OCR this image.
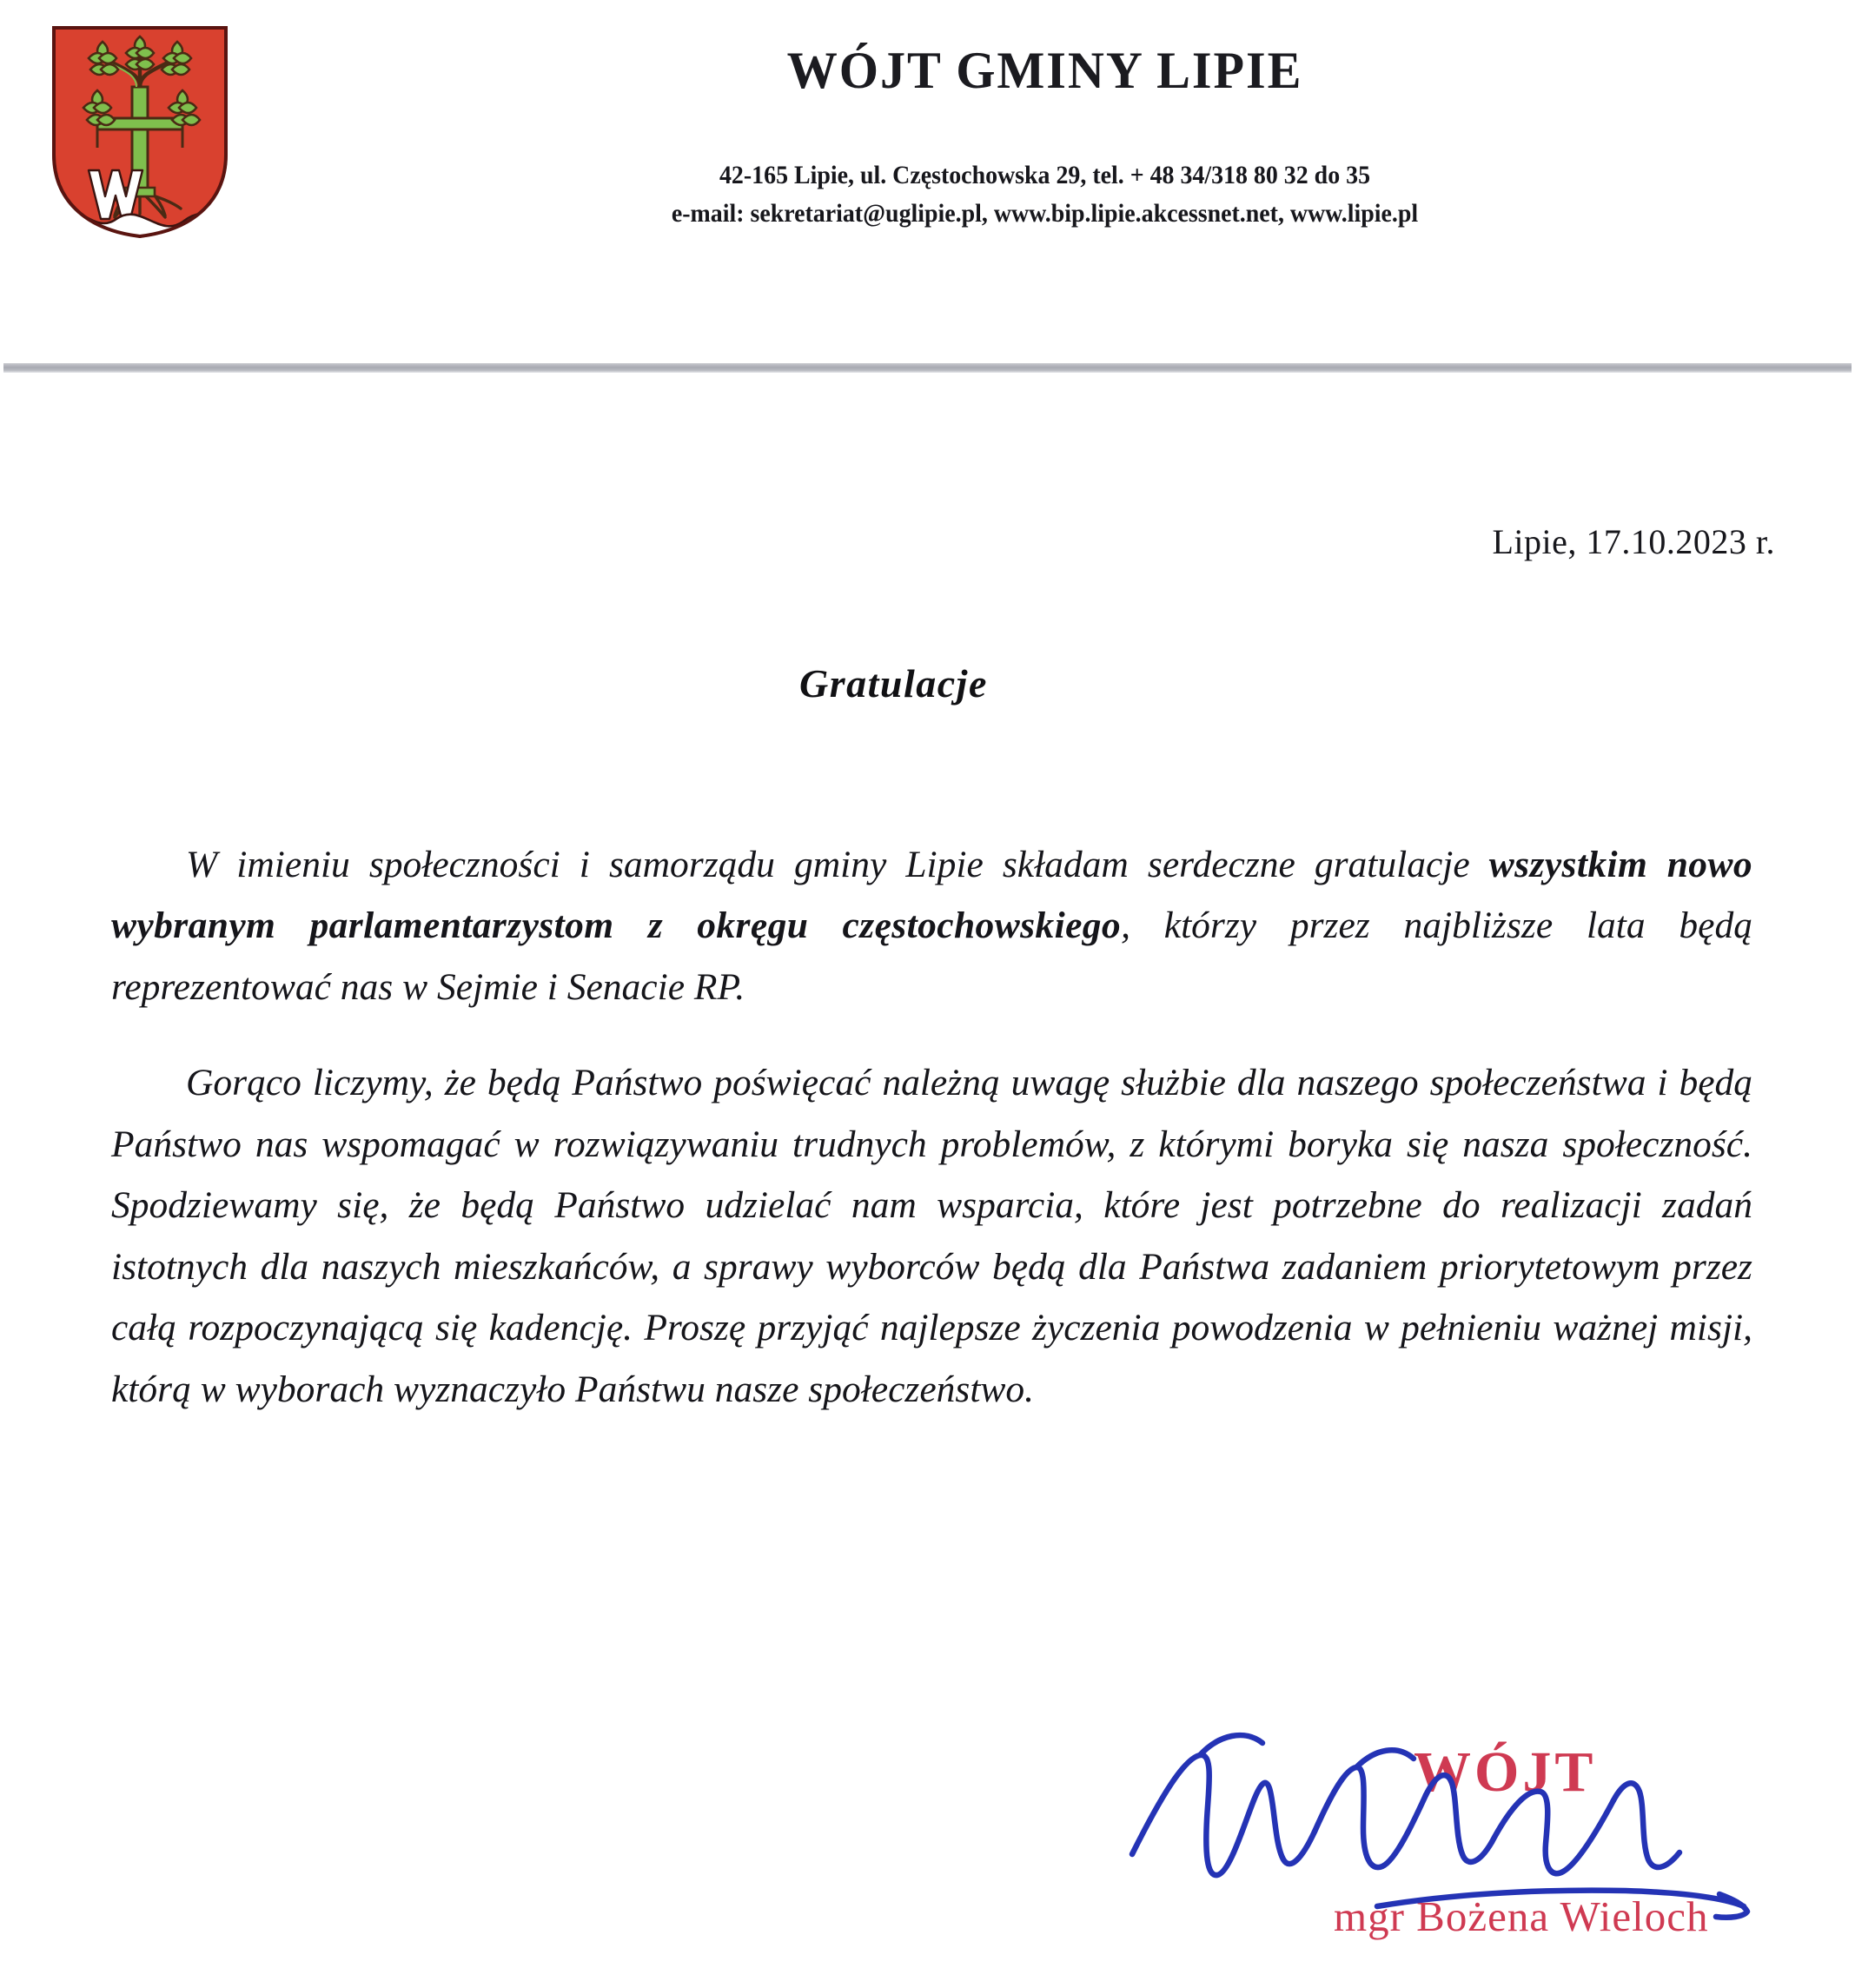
WÓJT GMINY LIPIE
42-165 Lipie, ul. Częstochowska 29, tel. + 48 34/318 80 32 do 35
e-mail: sekretariat@uglipie.pl, www.bip.lipie.akcessnet.net, www.lipie.pl
Lipie, 17.10.2023 r.
Gratulacje

W imieniu społeczności i samorządu gminy Lipie składam serdeczne gratulacje wszystkim nowo wybranym parlamentarzystom z okręgu częstochowskiego, którzy przez najbliższe lata będą reprezentować nas w Sejmie i Senacie RP.

Gorąco liczymy, że będą Państwo poświęcać należną uwagę służbie dla naszego społeczeństwa i będą Państwo nas wspomagać w rozwiązywaniu trudnych problemów, z którymi boryka się nasza społeczność. Spodziewamy się, że będą Państwo udzielać nam wsparcia, które jest potrzebne do realizacji zadań istotnych dla naszych mieszkańców, a sprawy wyborców będą dla Państwa zadaniem priorytetowym przez całą rozpoczynającą się kadencję. Proszę przyjąć najlepsze życzenia powodzenia w pełnieniu ważnej misji, którą w wyborach wyznaczyło Państwu nasze społeczeństwo.

WÓJT
mgr Bożena Wieloch
